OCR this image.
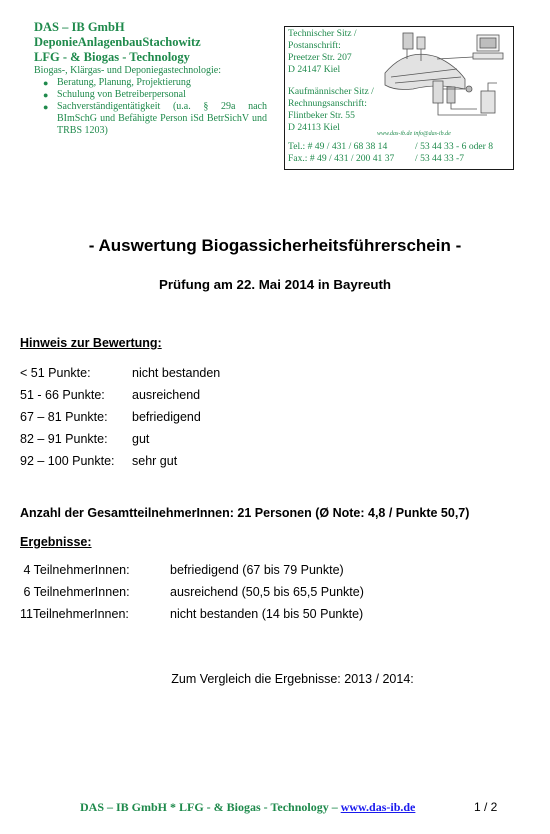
DAS – IB GmbH
DeponieAnlagenbauStachowitz
LFG - & Biogas - Technology
Biogas-, Klärgas- und Deponiegastechnologie:
● Beratung, Planung, Projektierung
● Schulung von Betreiberpersonal
● Sachverständigentätigkeit (u.a. § 29a nach BImSchG und Befähigte Person iSd BetrSichV und TRBS 1203)
Technischer Sitz /
Postanschrift:
Preetzer Str. 207
D 24147 Kiel
Kaufmännischer Sitz /
Rechnungsanschrift:
Flintbeker Str. 55
D 24113 Kiel
www.das-ib.de info@das-ib.de
Tel.: # 49 / 431 / 68 38 14	/ 53 44 33 - 6 oder 8
Fax.: # 49 / 431 / 200 41 37 / 53 44 33 -7
- Auswertung Biogassicherheitsführerschein -
Prüfung am 22. Mai 2014 in Bayreuth
Hinweis zur Bewertung:
< 51 Punkte:	nicht bestanden
51 - 66 Punkte: ausreichend
67 – 81 Punkte: befriedigend
82 – 91 Punkte: gut
92 – 100 Punkte: sehr gut
Anzahl der GesamtteilnehmerInnen: 21 Personen (Ø Note: 4,8 / Punkte 50,7)
Ergebnisse:
4 TeilnehmerInnen:	befriedigend (67 bis 79 Punkte)
6 TeilnehmerInnen:	ausreichend (50,5 bis 65,5 Punkte)
11TeilnehmerInnen:	nicht bestanden (14 bis 50 Punkte)
Zum Vergleich die Ergebnisse: 2013 / 2014:
DAS – IB GmbH * LFG - & Biogas - Technology – www.das-ib.de	1 / 2
